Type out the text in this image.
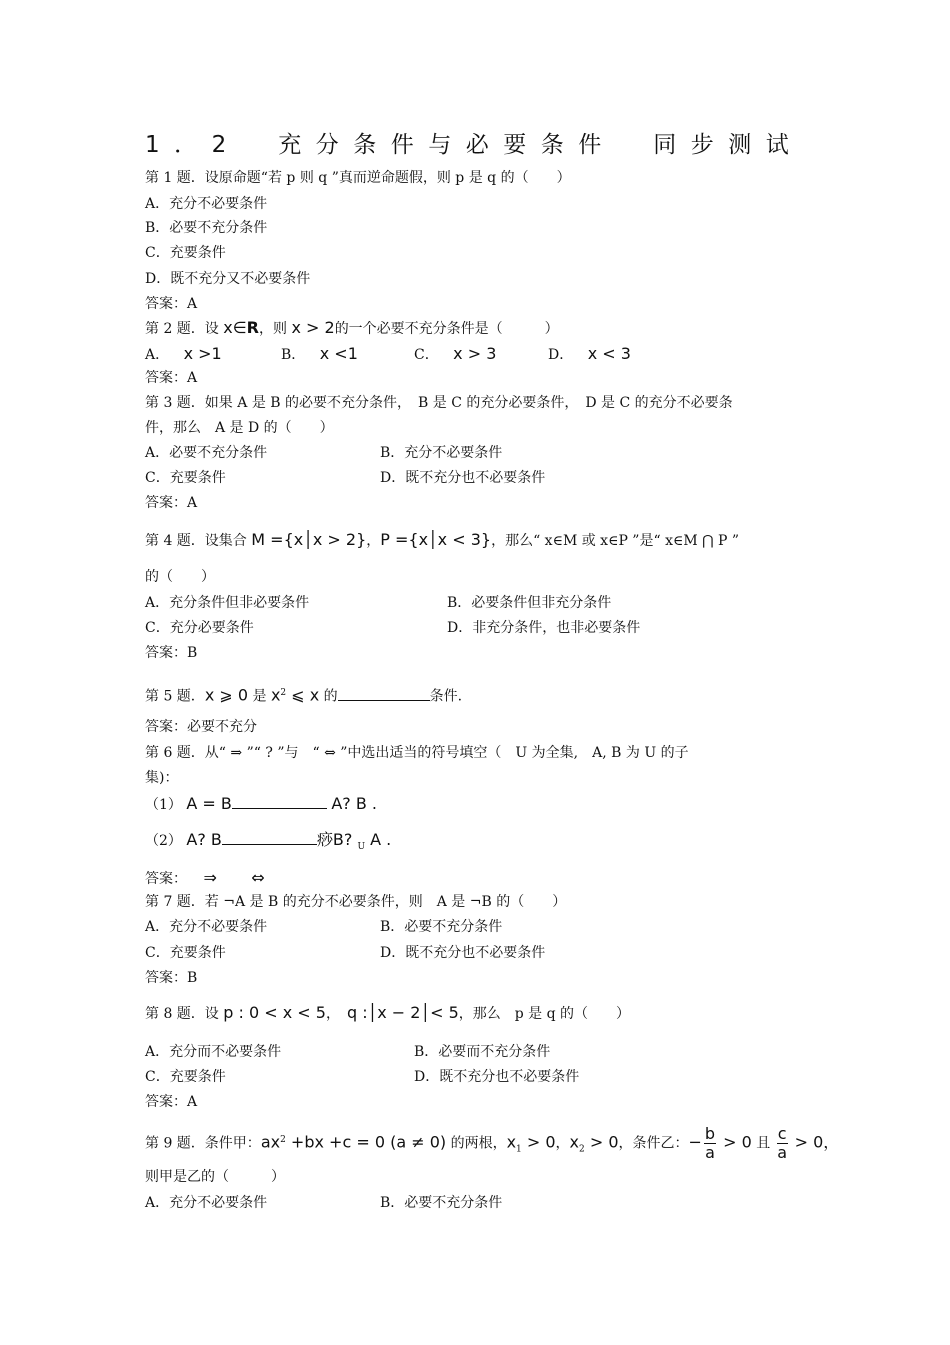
1．2　充分条件与必要条件　同步测试
第 1 题．设原命题“若 p 则 q ”真而逆命题假，则 p 是 q 的（　　）
A．充分不必要条件
B．必要不充分条件
C．充要条件
D．既不充分又不必要条件
答案：A
第 2 题．设 x∈R，则 x > 2的一个必要不充分条件是（　　　）
A． x >1	B． x <1	C． x > 3	D． x < 3
答案：A
第 3 题．如果 A 是 B 的必要不充分条件，　B 是 C 的充分必要条件，　D 是 C 的充分不必要条
件，那么　A 是 D 的（　　）
A．必要不充分条件	B．充分不必要条件
C．充要条件	D．既不充分也不必要条件
答案：A
第 4 题．设集合 M ={x│x > 2}，P ={x│x < 3}，那么“ x∈M 或 x∈P ”是“ x∈M ⋂ P ”
的（　　）
A．充分条件但非必要条件	B．必要条件但非充分条件
C．充分必要条件	D．非充分条件，也非必要条件
答案：B
第 5 题．x ⩾ 0 是 $x^2$ ⩽ x 的	条件.
答案：必要不充分
第 6 题．从“ ⇒ ”“ ? ”与　“ ⇔ ”中选出适当的符号填空（　U 为全集,　A, B 为 U 的子
集)：
（1） A = B	A? B .
（2） A? B	痧B? $_U$ A .
答案： ⇒ ⇔
第 7 题．若 ¬A 是 B 的充分不必要条件，则　A 是 ¬B 的（　　）
A．充分不必要条件	B．必要不充分条件
C．充要条件	D．既不充分也不必要条件
答案：B
第 8 题．设 p : 0 < x < 5，　q :│x − 2│< 5，那么　p 是 q 的（　　）
A．充分而不必要条件	B．必要而不充分条件
C．充要条件	D．既不充分也不必要条件
答案：A
第 9 题．条件甲：$ax^2 +bx +c = 0$ (a ≠ 0) 的两根，$x_1 > 0$，$x_2 > 0$，条件乙：− $\frac{b}{a} > 0$ 且 $\frac{c}{a} > 0$，
则甲是乙的（　　　）
A．充分不必要条件	B．必要不充分条件
